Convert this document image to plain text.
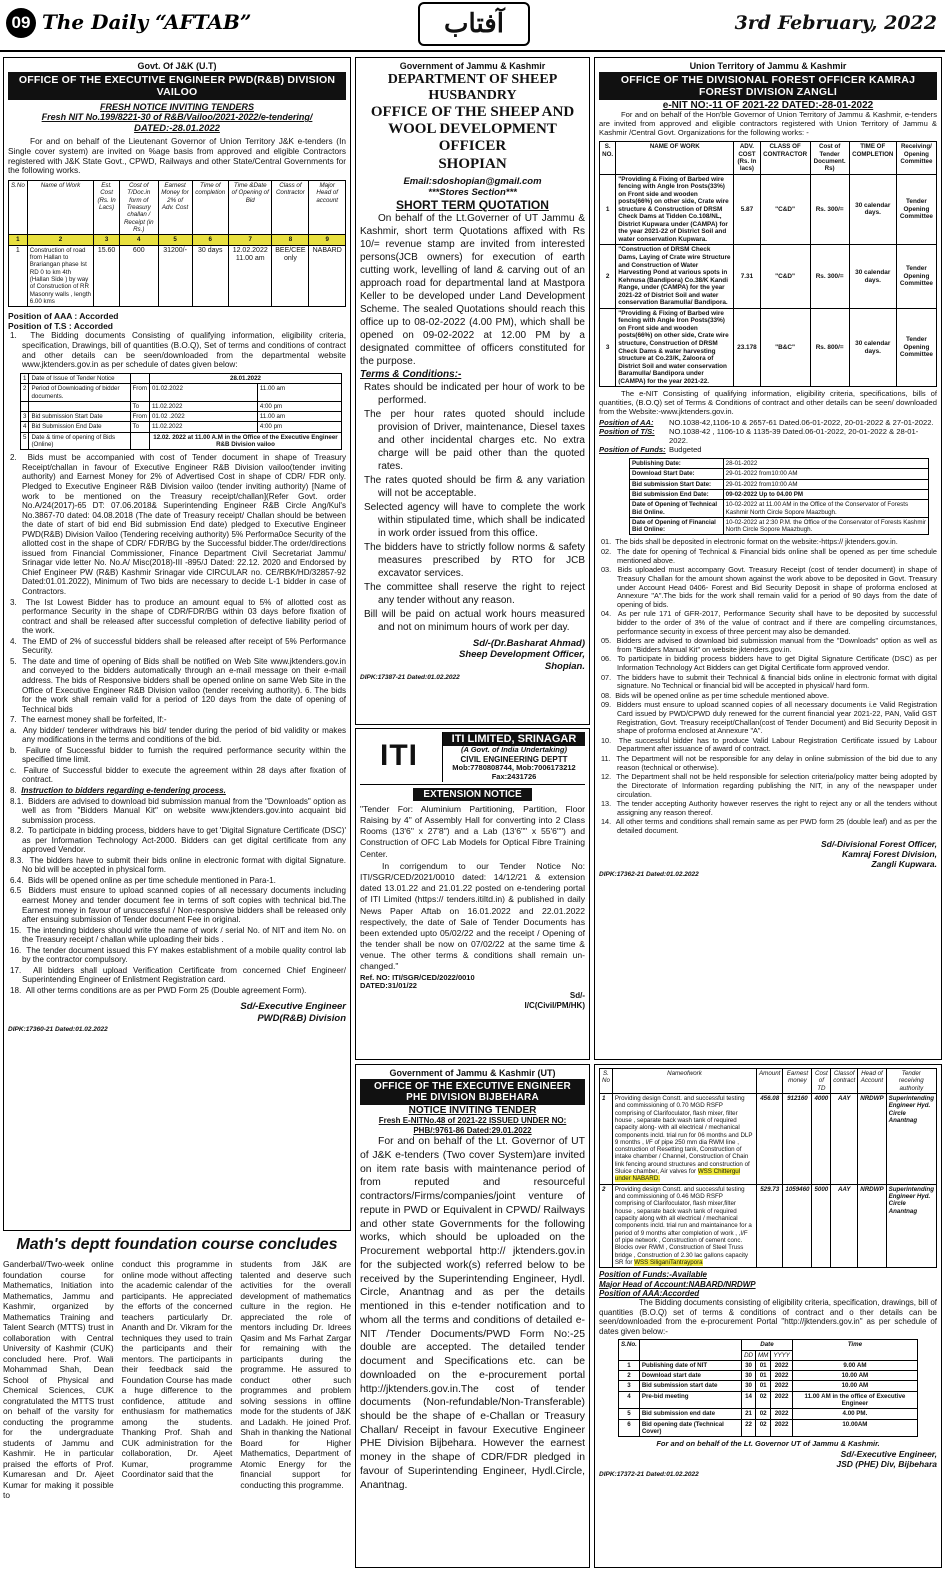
09 The Daily “AFTAB”	آفتاب	3rd February, 2022
Govt. Of J&K (U.T)
OFFICE OF THE EXECUTIVE ENGINEER PWD(R&B) DIVISION VAILOO
FRESH NOTICE INVITING TENDERS
Fresh NIT No.199/8221-30 of R&B/Vailoo/2021-2022/e-tendering/
DATED:-28.01.2022

For and on behalf of the Lieutenant Governor of Union Territory J&K e-tenders (In Single cover system) are invited on %age basis from approved and eligible Contractors registered with J&K State Govt., CPWD, Railways and other State/Central Governments for the following works.

S.No	Name of Work	Est. Cost (Rs. In Lacs)	Cost of T/Doc.in form of Treasury challan / Receipt (in Rs.)	Earnest Money for 2% of Adv. Cost	Time of completion	Time &Date of Opening of Bid	Class of Contractor	Major Head of account
1	2	3	4	5	6	7	8	9
1	Construction of road from Hallan to Brariangan phase Ist RD 0 to km 4th (Hallan Side ) by way of Construction of RR Masonry walls , length 6.00 kms	15.60	600	31200/-	30 days	12.02.2022 11.00 am	BEE/CEE only	NABARD
Position of AAA : Accorded
Position of T.S : Accorded
1.  The Bidding documents Consisting of qualifying information, eligibility criteria, specification, Drawings, bill of quantities (B.O.Q), Set of terms and conditions of contract and other details can be seen/downloaded from the departmental website www.jktenders.gov.in as per schedule of dates given below:
1	Date of Issue of Tender Notice		28.01.2022	
2	Period of Downloading of bidder documents.	From	01.02.2022	11.00 am
		To	11.02.2022	4:00 pm
3	Bid submission Start Date	From	01.02 .2022	11.00 am
4	Bid Submission End Date	To	11.02.2022	4:00 pm
5	Date & time of opening of Bids (Online)		12.02. 2022 at 11.00 A.M in the Office of the Executive Engineer R&B Division vailoo	
2.  Bids must be accompanied with cost of Tender document in shape of Treasury Receipt/challan in favour of Executive Engineer R&B Division vailoo(tender inviting authority) and Earnest Money for 2% of Advertised Cost in shape of CDR/ FDR only. Pledged to Executive Engineer R&B Division vailoo (tender inviting authority) [Name of work to be mentioned on the Treasury receipt/challan](Refer Govt. order No.A/24(2017)-65 DT: 07.06.2018& Superintending Engineer R&B Circle Ang/Kul's No.3867-70 dated: 04.08.2018 (The date of Treasury receipt/ Challan should be between the date of start of bid end Bid submission End date) pledged to Executive Engineer PWD(R&B) Division Vailoo (Tendering receiving authority) 5% Performa0ce Security of the allotted cost in the shape of CDR/ FDR/BG by the Successful bidder.The order/directions issued from Financial Commissioner, Finance Department Civil Secretariat Jammu/ Srinagar vide letter No. No.A/ Misc(2018)-III -895/J Dated: 22.12. 2020 and Endorsed by Chief Engineer PW (R&B) Kashmir Srinagar vide CIRCULAR no. CE/RBK/HD/32857-92 Dated:01.01.2022), Minimum of Two bids are necessary to decide L-1 bidder in case of Contractors.
3.  The Ist Lowest Bidder has to produce an amount equal to 5% of allotted cost as performance Security in the shape of CDR/FDR/BG within 03 days before fixation of contract and shall be released after successful completion of defective liability period of the work.
4.  The EMD of 2% of successful bidders shall be released after receipt of 5% Performance Security.
5.  The date and time of opening of Bids shall be notified on Web Site www.jktenders.gov.in and conveyed to the bidders automatically through an e-mail message on their e-mail address. The bids of Responsive bidders shall be opened online on same Web Site in the Office of Executive Engineer R&B Division vailoo (tender receiving authority). 6. The bids for the work shall remain valid for a period of 120 days from the date of opening of Technical bids
7.  The earnest money shall be forfeited, If:-
a.  Any bidder/ tenderer withdraws his bid/ tender during the period of bid validity or makes any modifications in the terms and conditions of the bid.
b.  Failure of Successful bidder to furnish the required performance security within the specified time limit.
c.  Failure of Successful bidder to execute the agreement within 28 days after fixation of contract.
8.  Instruction to bidders regarding e-tendering process.
8.1.  Bidders are advised to download bid submission manual from the "Downloads" option as well as from "Bidders Manual Kit" on website www.jktenders.gov.into acquaint bid submission process.
8.2.  To participate in bidding process, bidders have to get 'Digital Signature Certificate (DSC)' as per Information Technology Act-2000. Bidders can get digital certificate from any approved Vendor.
8.3.  The bidders have to submit their bids online in electronic format with digital Signature. No bid will be accepted in physical form.
6.4.  Bids will be opened online as per time schedule mentioned in Para-1.
6.5  Bidders must ensure to upload scanned copies of all necessary documents including earnest Money and tender document fee in terms of soft copies with technical bid.The Earnest money in favour of unsuccessful / Non-responsive bidders shall be released only after ensuing submission of Tender document Fee in original.
15.  The intending bidders should write the name of work / serial No. of NIT and item No. on the Treasury receipt / challan while uploading their bids .
16.  The tender document issued this FY makes establishment of a mobile quality control lab by the contractor compulsory.
17.  All bidders shall upload Verification Certificate from concerned Chief Engineer/ Superintending Engineer of Enlistment Registration card.
18.  All other terms conditions are as per PWD Form 25 (Double agreement Form).
Sd/-Executive Engineer
PWD(R&B) Division
DIPK:17360-21 Dated:01.02.2022
Math's deptt foundation course concludes
Ganderbal//Two-week online foundation course for Mathematics, Initiation into Mathematics, Jammu and Kashmir, organized by Mathematics Training and Talent Search (MTTS) trust in collaboration with Central University of Kashmir (CUK) concluded here. Prof. Wali Mohammad Shah, Dean School of Physical and Chemical Sciences, CUK congratulated the MTTS trust on behalf of the varsity for conducting the programme for the undergraduate students of Jammu and Kashmir. He in particular praised the efforts of Prof. Kumaresan and Dr. Ajeet Kumar for making it possible to
conduct this programme in online mode without affecting the academic calendar of the participants. He appreciated the efforts of the concerned teachers particularly Dr. Ananth and Dr. Vikram for the techniques they used to train the participants and their mentors. The participants in their feedback said the Foundation Course has made a huge difference to the confidence, attitude and enthusiasm for mathematics among the students. Thanking Prof. Shah and CUK administration for the collaboration, Dr. Ajeet Kumar, programme Coordinator said that the
students from J&K are talented and deserve such activities for the overall development of mathematics culture in the region. He appreciated the role of mentors including Dr. Idrees Qasim and Ms Farhat Zargar for remaining with the participants during the programme. He assured to conduct other such programmes and problem solving sessions in offline mode for the students of J&K and Ladakh. He joined Prof. Shah in thanking the National Board for Higher Mathematics, Department of Atomic Energy for the financial support for conducting this programme.
Government of Jammu & Kashmir
DEPARTMENT OF SHEEP HUSBANDRY
OFFICE OF THE SHEEP AND
WOOL DEVELOPMENT OFFICER
SHOPIAN
Email:sdoshopian@gmail.com
***Stores Section***
SHORT TERM QUOTATION

On behalf of the Lt.Governer of UT Jammu & Kashmir, short term Quotations affixed with Rs 10/= revenue stamp are invited from interested persons(JCB owners) for execution of earth cutting work, levelling of land & carving out of an approach road for departmental land at Mastpora Keller to be developed under Land Development Scheme. The sealed Quotations should reach this office up to 08-02-2022 (4.00 PM), which shall be opened on 09-02-2022 at 12.00 PM by a designated committee of officers constituted for the purpose.

Terms & Conditions:-
Rates should be indicated per hour of work to be performed.
The per hour rates quoted should include provision of Driver, maintenance, Diesel taxes and other incidental charges etc. No extra charge will be paid other than the quoted rates.
The rates quoted should be firm & any variation will not be acceptable.
Selected agency will have to complete the work within stipulated time, which shall be indicated in work order issued from this office.
The bidders have to strictly follow norms & safety measures prescribed by RTO for JCB excavator services.
The committee shall reserve the right to reject any tender without any reason.
Bill will be paid on actual work hours measured and not on minimum hours of work per day.
Sd/-(Dr.Basharat Ahmad)
Sheep Development Officer,
Shopian.
DIPK:17387-21 Dated:01.02.2022
ITI	ITI LIMITED, SRINAGAR
(A Govt. of India Undertaking)
CIVIL ENGINEERING DEPTT
Mob:7780808744, Mob:7006173212
Fax:2431726
EXTENSION NOTICE

"Tender For: Aluminium Partitioning, Partition, Floor Raising by 4" of Assembly Hall for converting into 2 Class Rooms (13'6" x 27'8") and a Lab (13'6"" x 55'6"") and Construction of OFC Lab Models for Optical Fibre Training Center.

In corrigendum to our Tender Notice No: ITI/SGR/CED/2021/0010 dated: 14/12/21 & extension dated 13.01.22 and 21.01.22 posted on e-tendering portal of ITI Limited (https:// tenders.itiltd.in) & published in daily News Paper Aftab on 16.01.2022 and 22.01.2022 respectively, the date of Sale of Tender Documents has been extended upto 05/02/22 and the receipt / Opening of the tender shall be now on 07/02/22 at the same time & venue. The other terms & conditions shall remain un-changed."

Ref. NO: ITI/SGR/CED/2022/0010
DATED:31/01/22
Sd/-
I/C(Civil/PM/HK)
Government of Jammu & Kashmir (UT)
OFFICE OF THE EXECUTIVE ENGINEER PHE DIVISION BIJBEHARA
NOTICE INVITING TENDER
Fresh E-NITNo.48 of 2021-22 ISSUED UNDER NO: PHB/:9761-86 Dated:29.01.2022

For and on behalf of the Lt. Governor of UT of J&K e-tenders (Two cover System)are invited on item rate basis with maintenance period of from reputed and resourceful contractors/Firms/companies/joint venture of repute in PWD or Equivalent in CPWD/ Railways and other state Governments for the following works, which should be uploaded on the Procurement webportal http:// jktenders.gov.in for the subjected work(s) referred below to be received by the Superintending Engineer, Hydl. Circle, Anantnag and as per the details mentioned in this e-tender notification and to whom all the terms and conditions of detailed e-NIT /Tender Documents/PWD Form No:-25 double are accepted. The detailed tender document and Specifications etc. can be downloaded on the e-procurement portal http://jktenders.gov.in.The cost of tender documents (Non-refundable/Non-Transferable) should be the shape of e-Challan or Treasury Challan/ Receipt in favour Executive Engineer PHE Division Bijbehara. However the earnest money in the shape of CDR/FDR pledged in favour of Superintending Engineer, Hydl.Circle, Anantnag.

S. No	Nameofwork	Amount	Earnest money	Cost of TD	Classof contract	Head of Account	Tender receiving authority
1	Providing design Constt. and successful testing and commissioning of 0.70 MGD RSFP comprising of Clarifoculator, flash mixer, filter house , separate back wash tank of required capacity along- with all electrical / mechanical components incld. trial run for 06 months and DLP 9 months , I/F of pipe 250 mm dia RWM line , construction of Resetting tank, Construction of intake chamber / Channel, Construction of Chain link fencing around structures and construction of Sluice chamber, Air valves for WSS Chittergul under NABARD.	456.08	912160	4000	AAY	NRDWP	Superintending Engineer Hyd. Circle Anantnag
2	Providing design Constt. and successful testing and commissioning of 0.46 MGD RSFP comprising of Clarifoculator, flash mixer,filter house , separate back wash tank of required capacity along with all electrical / mechanical components incld. trial run and maintainance for a period of 9 months after completion of work , ,I/F of pipe network , Construction of cement conc. Blocks over RWM , Construction of Steel Truss bridge , Construction of 2.30 lac gallons capacity SR for WSS SiliganiTantraypora	529.73	1059460	5000	AAY	NRDWP	Superintending Engineer Hyd. Circle Anantnag
Position of Funds:-Available
Major Head of Account:NABARD/NRDWP
Position of AAA:Accorded

The Bidding documents consisting of eligibility criteria, specification, drawings, bill of quantities (B.O.Q) set of terms & conditions of contract and o ther details can be seen/downloaded from the e-procurement Portal "http://jktenders.gov.in" as per schedule of dates given below:-

S.No.		Date			Time
		DD	MM	YYYY	
1	Publishing date of NIT	30	01	2022	9.00 AM
2	Download start date	30	01	2022	10.00 AM
3	Bid submission start date	30	01	2022	10.00 AM
4	Pre-bid meeting	14	02	2022	11.00 AM in the office of Executive Engineer
5	Bid submission end date	21	02	2022	4.00 PM.
6	Bid opening date (Technical Cover)	22	02	2022	10.00AM
For and on behalf of the Lt. Governor UT of Jammu & Kashmir.
Sd/-Executive Engineer,
JSD (PHE) Div, Bijbehara
DIPK:17372-21 Dated:01.02.2022
Union Territory of Jammu & Kashmir
OFFICE OF THE DIVISIONAL FOREST OFFICER KAMRAJ FOREST DIVISION ZANGLI
e-NIT NO:-11 OF 2021-22 DATED:-28-01-2022

For and on behalf of the Hon'ble Governor of Union Territory of Jammu & Kashmir, e-tenders are invited from approved and eligible contractors registered with Union Territory of Jammu & Kashmir /Central Govt. Organizations for the following works: -

S. NO.	NAME OF WORK	ADV. COST (Rs. In lacs)	CLASS OF CONTRACTOR	Cost of Tender Document. Rs)	TIME OF COMPLETION	Receiving/ Opening Committee
1	"Providing & Fixing of Barbed wire fencing with Angle Iron Posts(33%) on Front side and wooden posts(66%) on other side, Crate wire structure & Construction of DRSM Check Dams at Tidden Co.108/NL, District Kupwara under (CAMPA) for the year 2021-22 of District Soil and water conservation Kupwara.	5.87	"C&D"	Rs. 300/=	30 calendar days.	Tender Opening Committee
2	"Construction of DRSM Check Dams, Laying of Crate wire Structure and Construction of Water Harvesting Pond at various spots in Kehnusa (Bandipora) Co.38/K Kandi Range, under (CAMPA) for the year 2021-22 of District Soil and water conservation Baramulla/ Bandipora.	7.31	"C&D"	Rs. 300/=	30 calendar days.	Tender Opening Committee
3	"Providing & Fixing of Barbed wire fencing with Angle Iron Posts(33%) on Front side and wooden posts(66%) on other side, Crate wire structure, Construction of DRSM Check Dams & water harvesting structure at Co.23/K, Zaloora of District Soil and water conservation Baramulla/ Bandipora under (CAMPA) for the year 2021-22.	23.178	"B&C"	Rs. 800/=	30 calendar days.	Tender Opening Committee

The e-NIT Consisting of qualifying information, eligibility criteria, specifications, bills of quantities, (B.O.Q) set of Terms & Conditions of contract and other details can be seen/ downloaded from the Website:-www.jktenders.gov.in.

Position of AA:	NO.1038-42,1106-10 & 2657-61 Dated.06-01-2022, 20-01-2022 & 27-01-2022.
Position of T/S:	NO.1038-42 , 1106-10 & 1135-39 Dated.06-01-2022, 20-01-2022 & 28-01-2022.
Position of Funds: Budgeted
Publishing Date:	28-01-2022
Download Start Date:	29-01-2022 from10:00 AM
Bid submission Start Date:	29-01-2022 from10:00 AM
Bid submission End Date:	09-02-2022 Up to 04.00 PM
Date of Opening of Technical Bid Online.	10-02-2022 at 11.00 AM in the Office of the Conservator of Forests Kashmir North Circle Sopore Maazbugh.
Date of Opening of Financial Bid Online:	10-02-2022 at 2:30 P.M. the Office of the Conservator of Forests Kashmir North Circle Sopore Maazbugh.
01.  The bids shall be deposited in electronic format on the website:-https:// jktenders.gov.in.
02.  The date for opening of Technical & Financial bids online shall be opened as per time schedule mentioned above.
03.  Bids uploaded must accompany Govt. Treasury Receipt (cost of tender document) in shape of Treasury Challan for the amount shown against the work above to be deposited in Govt. Treasury under Account Head 0406- Forest and Bid Security Deposit in shape of proforma enclosed at Annexure "A".The bids for the work shall remain valid for a period of 90 days from the date of opening of bids.
04.  As per rule 171 of GFR-2017, Performance Security shall have to be deposited by successful bidder to the order of 3% of the value of contract and if there are compelling circumstances, performance security in excess of three percent may also be demanded.
05.  Bidders are advised to download bid submission manual from the "Downloads" option as well as from "Bidders Manual Kit" on website jktenders.gov.in.
06.  To participate in bidding process bidders have to get Digital Signature Certificate (DSC) as per Information Technology Act Bidders can get Digital Certificate form approved vendor.
07.  The bidders have to submit their Technical & financial bids online in electronic format with digital signature. No Technical or financial bid will be accepted in physical/ hard form.
08.  Bids will be opened online as per time schedule mentioned above.
09.  Bidders must ensure to upload scanned copies of all necessary documents i.e Valid Registration Card issued by PWD/CPWD duly renewed for the current financial year 2021-22, PAN, Valid GST Registration, Govt. Treasury receipt/Challan(cost of Tender Document) and Bid Security Deposit in shape of proforma enclosed at Annexure "A".
10.  The successful bidder has to produce Valid Labour Registration Certificate issued by Labour Department after issuance of award of contract.
11.  The Department will not be responsible for any delay in online submission of the bid due to any reason (technical or otherwise).
12.  The Department shall not be held responsible for selection criteria/policy matter being adopted by the Directorate of Information regarding publishing the NIT, in any of the newspaper under circulation.
13.  The tender accepting Authority however reserves the right to reject any or all the tenders without assigning any reason thereof.
14.  All other terms and conditions shall remain same as per PWD form 25 (double leaf) and as per the detailed document.
Sd/-Divisional Forest Officer,
Kamraj Forest Division,
Zangli Kupwara.
DIPK:17362-21 Dated:01.02.2022
